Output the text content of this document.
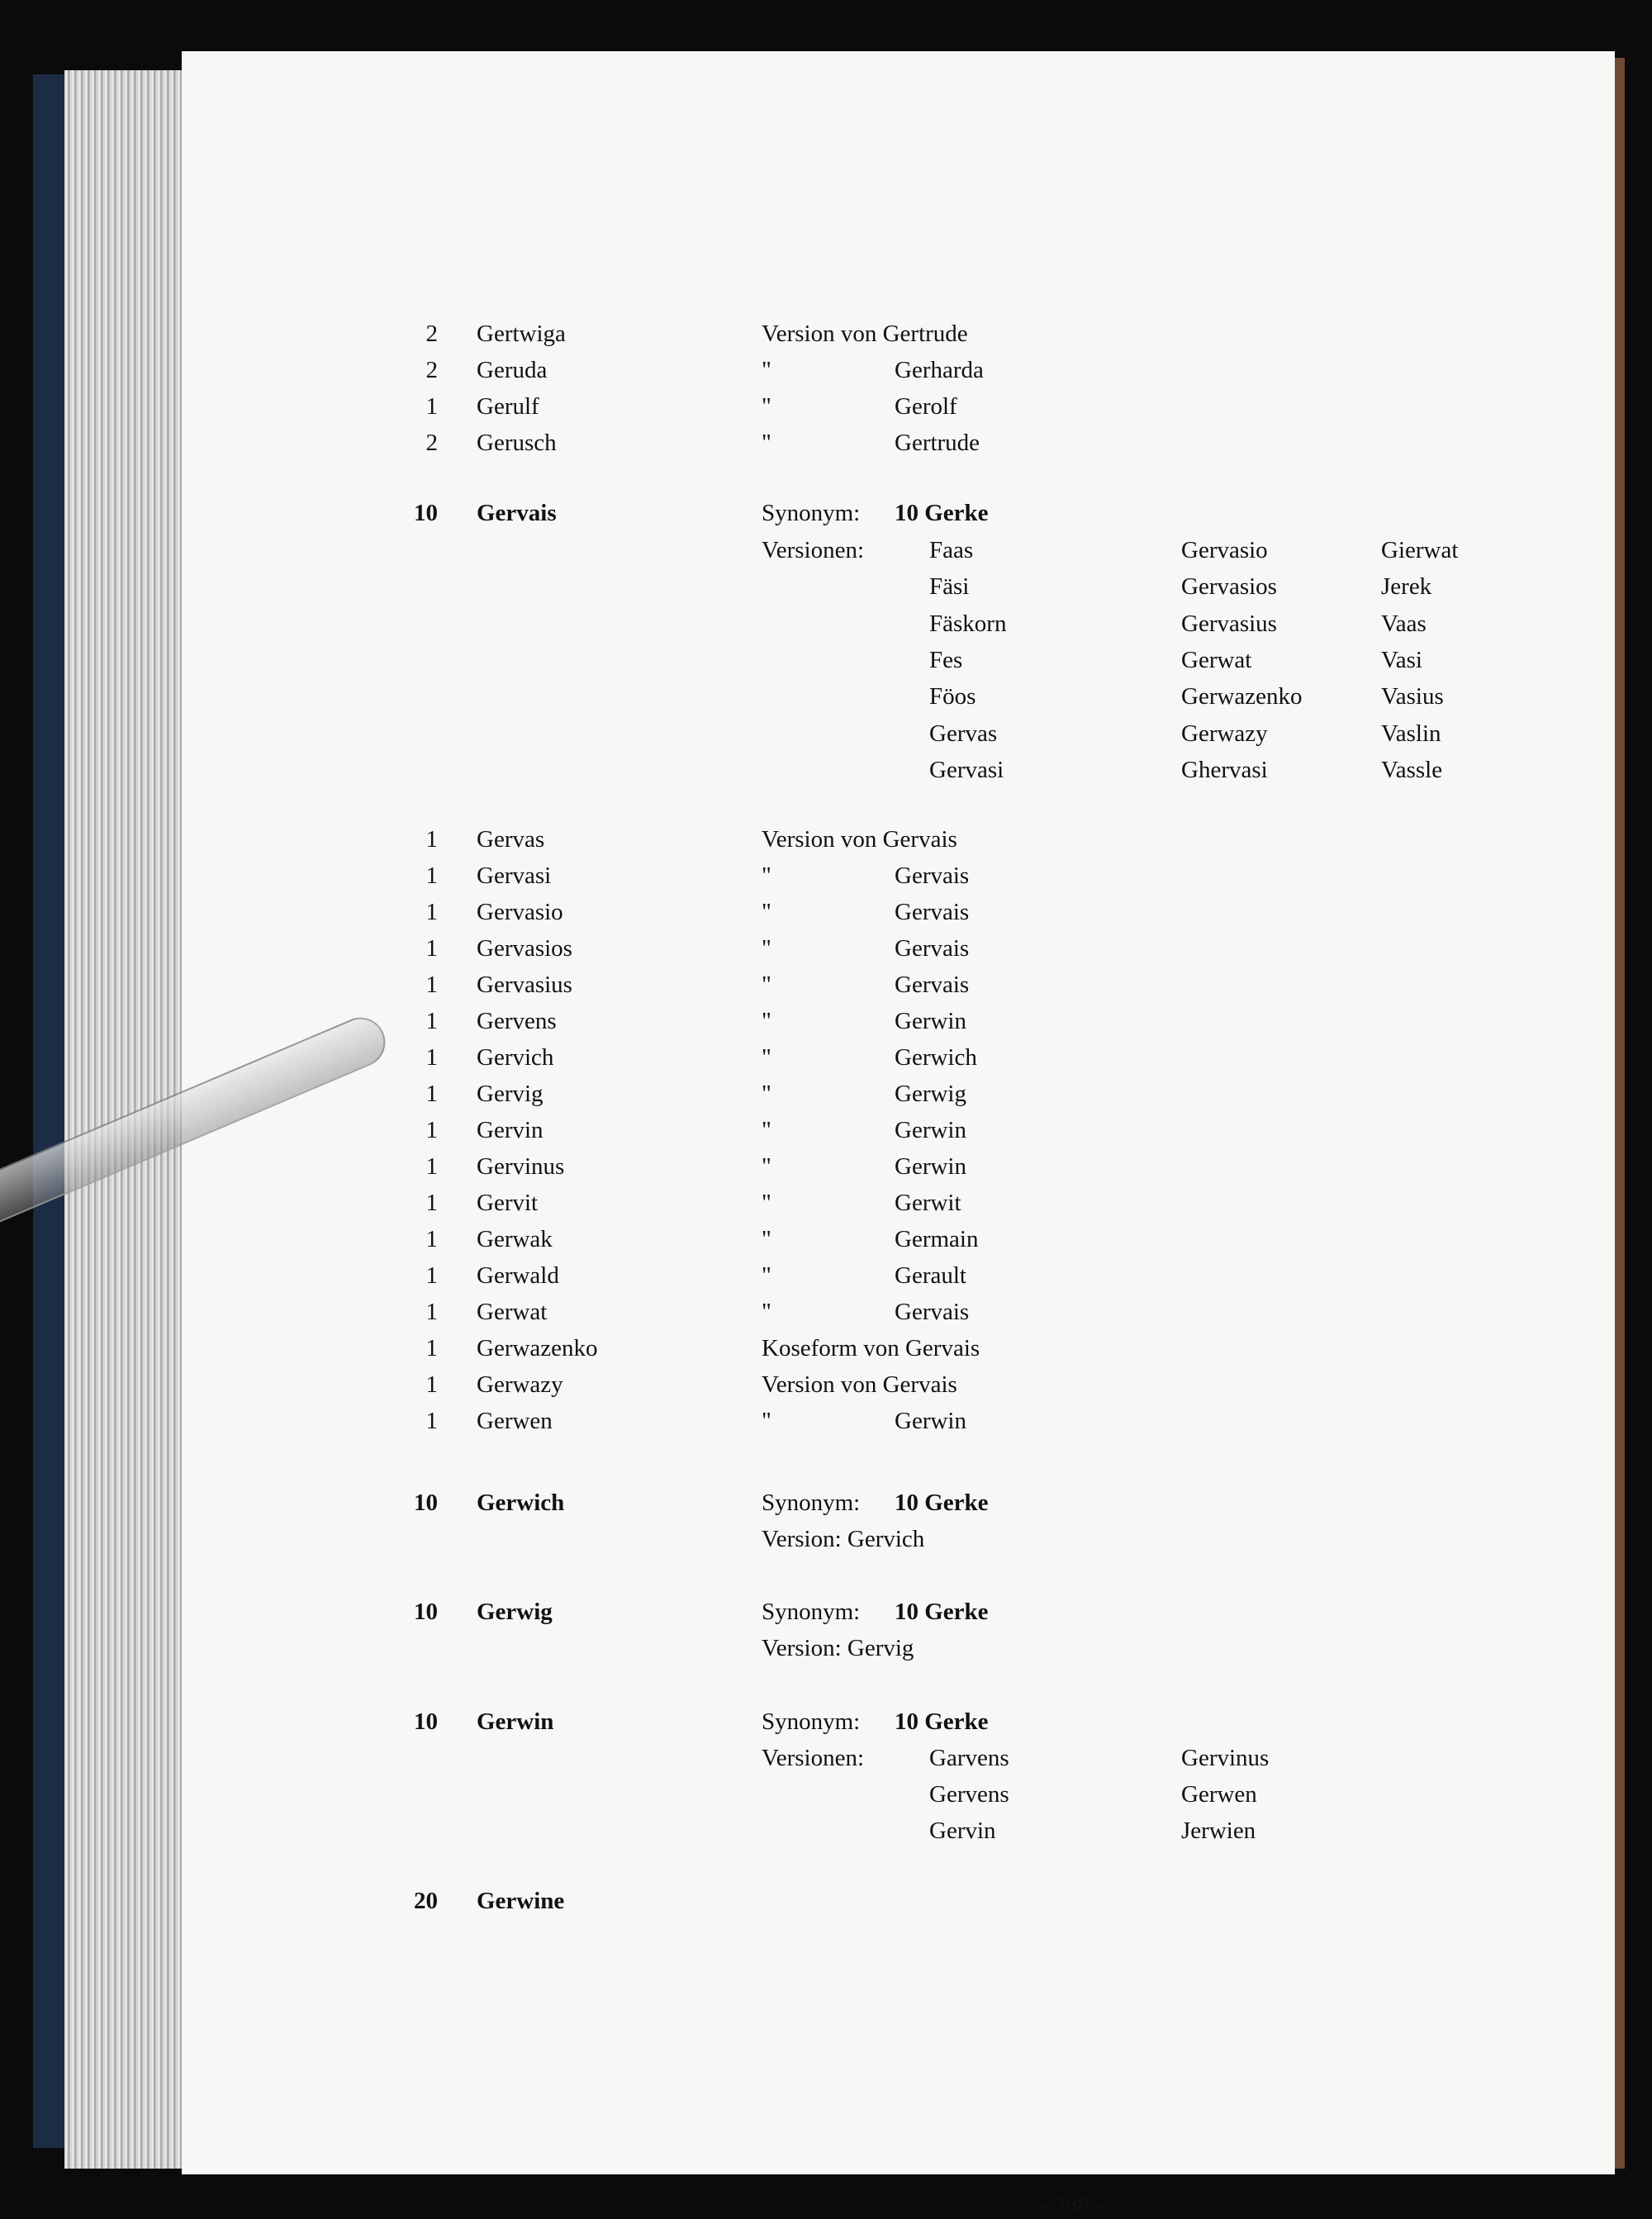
2 Gertwiga	Version von Gertrude
2 Geruda	"	Gerharda
1 Gerulf	"	Gerolf
2 Gerusch	"	Gertrude
10 Gervais	Synonym: 10 Gerke
Versionen:	Faas	Gervasio	Gierwat
Fäsi	Gervasios	Jerek
Fäskorn	Gervasius	Vaas
Fes	Gerwat	Vasi
Föos	Gerwazenko	Vasius
Gervas	Gerwazy	Vaslin
Gervasi	Ghervasi	Vassle
1 Gervas	Version von Gervais
1 Gervasi	"	Gervais
1 Gervasio	"	Gervais
1 Gervasios	"	Gervais
1 Gervasius	"	Gervais
1 Gervens	"	Gerwin
1 Gervich	"	Gerwich
1 Gervig	"	Gerwig
1 Gervin	"	Gerwin
1 Gervinus	"	Gerwin
1 Gervit	"	Gerwit
1 Gerwak	"	Germain
1 Gerwald	"	Gerault
1 Gerwat	"	Gervais
1 Gerwazenko	Koseform von Gervais
1 Gerwazy	Version von Gervais
1 Gerwen	"	Gerwin
10 Gerwich	Synonym: 10 Gerke
Version: Gervich
10 Gerwig	Synonym: 10 Gerke
Version: Gervig
10 Gerwin	Synonym: 10 Gerke
Versionen:	Garvens	Gervinus
Gervens	Gerwen
Gervin	Jerwien
20 Gerwine
- 388 -
